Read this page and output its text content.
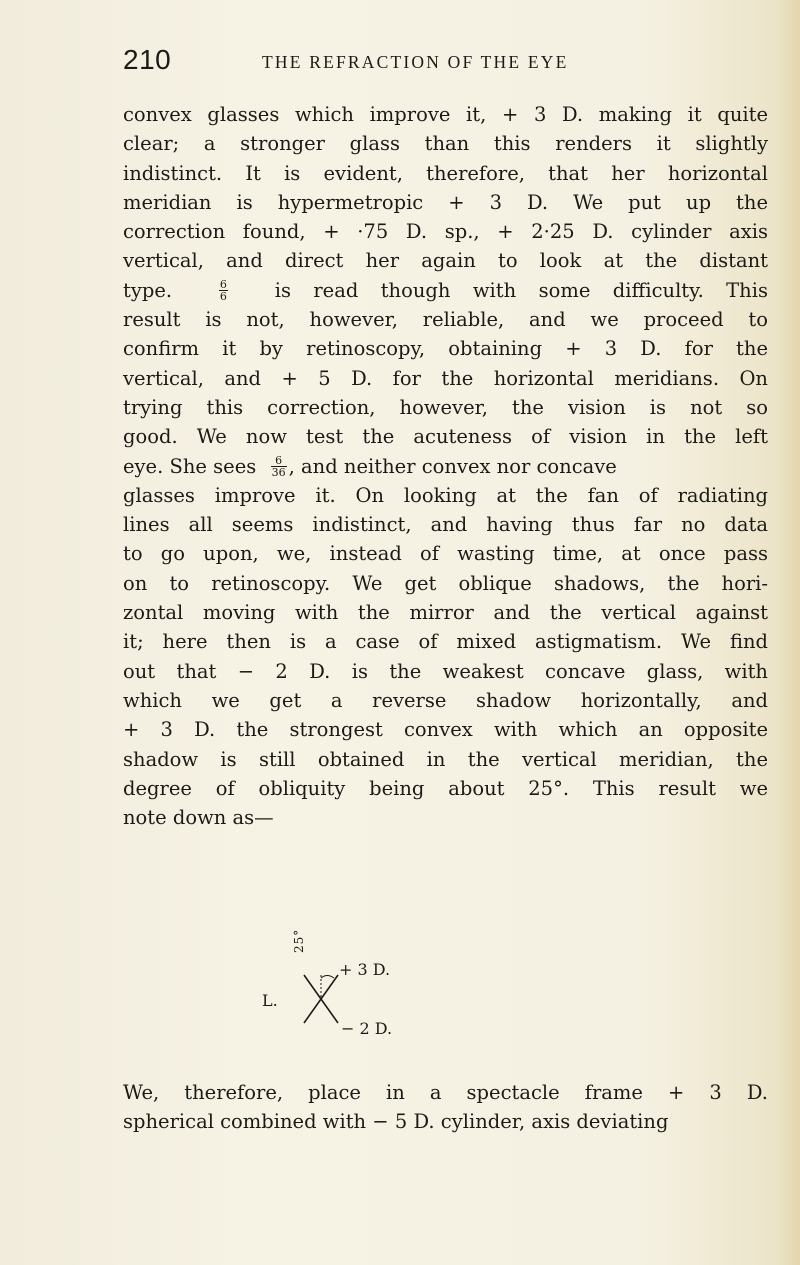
210	THE REFRACTION OF THE EYE
convex glasses which improve it, + 3 D. making it quite
clear; a stronger glass than this renders it slightly
indistinct. It is evident, therefore, that her horizontal
meridian is hypermetropic + 3 D. We put up the
correction found, + ·75 D. sp., + 2·25 D. cylinder axis
vertical, and direct her again to look at the distant
type.	$\frac{6}{6}$ is read though with some difficulty. This
result is not, however, reliable, and we proceed to
confirm it by retinoscopy, obtaining + 3 D. for the
vertical, and + 5 D. for the horizontal meridians. On
trying this correction, however, the vision is not so
good. We now test the acuteness of vision in the left
eye. She sees $\frac{6}{36}$ , and neither convex nor concave
glasses improve it. On looking at the fan of radiating
lines all seems indistinct, and having thus far no data
to go upon, we, instead of wasting time, at once pass
on to retinoscopy. We get oblique shadows, the hori-
zontal moving with the mirror and the vertical against
it; here then is a case of mixed astigmatism. We find
out that − 2 D. is the weakest concave glass, with
which we get a reverse shadow horizontally, and
+ 3 D. the strongest convex with which an opposite
shadow is still obtained in the vertical meridian, the
degree of obliquity being about 25°. This result we
note down as—
L.
25°
+ 3 D.
− 2 D.
We, therefore, place in a spectacle frame + 3 D.
spherical combined with − 5 D. cylinder, axis deviating
